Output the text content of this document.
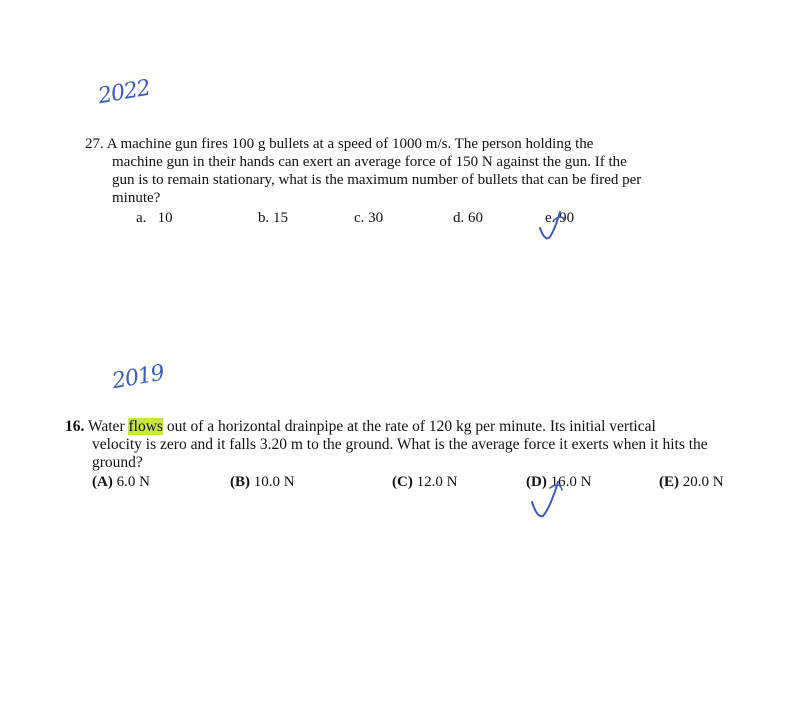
2022
27. A machine gun fires 100 g bullets at a speed of 1000 m/s. The person holding the
machine gun in their hands can exert an average force of 150 N against the gun. If the
gun is to remain stationary, what is the maximum number of bullets that can be fired per
minute?
a. 10	b. 15	c. 30	d. 60	e. 90
2019
16. Water flows out of a horizontal drainpipe at the rate of 120 kg per minute. Its initial vertical
velocity is zero and it falls 3.20 m to the ground. What is the average force it exerts when it hits the
ground?
(A) 6.0 N	(B) 10.0 N	(C) 12.0 N	(D) 16.0 N	(E) 20.0 N
